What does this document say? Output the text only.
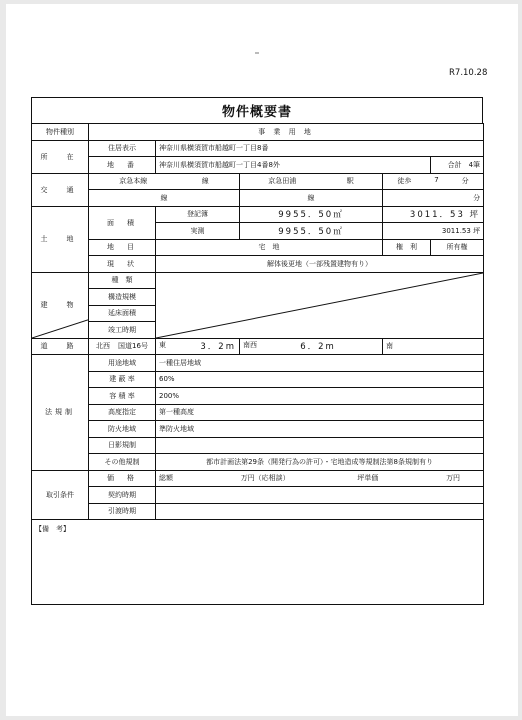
R7.10.28
物件概要書
物件種別	事 業 用 地				
所　在	住居表示	神奈川県横須賀市船越町一丁目8番			
	地　番	神奈川県横須賀市船越町一丁目4番8外			合計　4筆
交　通	京急本線 線		京急田浦 駅	徒歩 7 分	

	線		線	分	
土　地	面　積	登記簿	9955．50㎡	3011．53 坪	
		実測	9955．50㎡	3011.53 坪	
	地　目	宅　地		権　利	所有権
	現　状	解体後更地（一部残置建物有り）			

建　物	種　類	

	構造規模				
	延床面積				
	竣工時期				
道　路	北西 国道16号	東 3．2m	南西 6．2m	南	
法規制	用途地域	一種住居地域			
	建 蔽 率	60%			
	容 積 率	200%			
	高度指定	第一種高度			
	防火地域	準防火地域			
	日影規制				
	その他規制	都市計画法第29条（開発行為の許可）・宅地造成等規制法第8条規制有り			
取引条件	価　格	総額 万円（応相談） 坪単価 万円			

	契約時期				
	引渡時期				
【備　考】					
